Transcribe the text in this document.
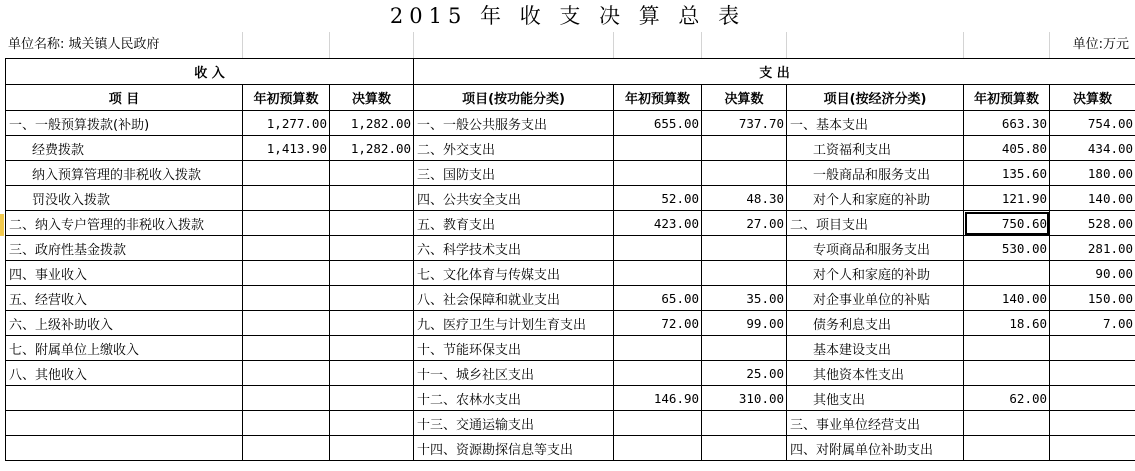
2015 年 收 支 决 算 总 表
单位名称: 城关镇人民政府	单位:万元
收 入			支 出					
项 目	年初预算数	决算数	项目(按功能分类)	年初预算数	决算数	项目(按经济分类)	年初预算数	决算数
一、一般预算拨款(补助)	1,277.00	1,282.00	一、一般公共服务支出	655.00	737.70	一、基本支出	663.30	754.00
经费拨款	1,413.90	1,282.00	二、外交支出			工资福利支出	405.80	434.00
纳入预算管理的非税收入拨款			三、国防支出			一般商品和服务支出	135.60	180.00
罚没收入拨款			四、公共安全支出	52.00	48.30	对个人和家庭的补助	121.90	140.00
二、纳入专户管理的非税收入拨款			五、教育支出	423.00	27.00	二、项目支出	750.60	528.00
三、政府性基金拨款			六、科学技术支出			专项商品和服务支出	530.00	281.00
四、事业收入			七、文化体育与传媒支出			对个人和家庭的补助		90.00
五、经营收入			八、社会保障和就业支出	65.00	35.00	对企事业单位的补贴	140.00	150.00
六、上级补助收入			九、医疗卫生与计划生育支出	72.00	99.00	债务利息支出	18.60	7.00
七、附属单位上缴收入			十、节能环保支出			基本建设支出		
八、其他收入			十一、城乡社区支出		25.00	其他资本性支出		
			十二、农林水支出	146.90	310.00	其他支出	62.00	
			十三、交通运输支出			三、事业单位经营支出		
			十四、资源勘探信息等支出			四、对附属单位补助支出		
